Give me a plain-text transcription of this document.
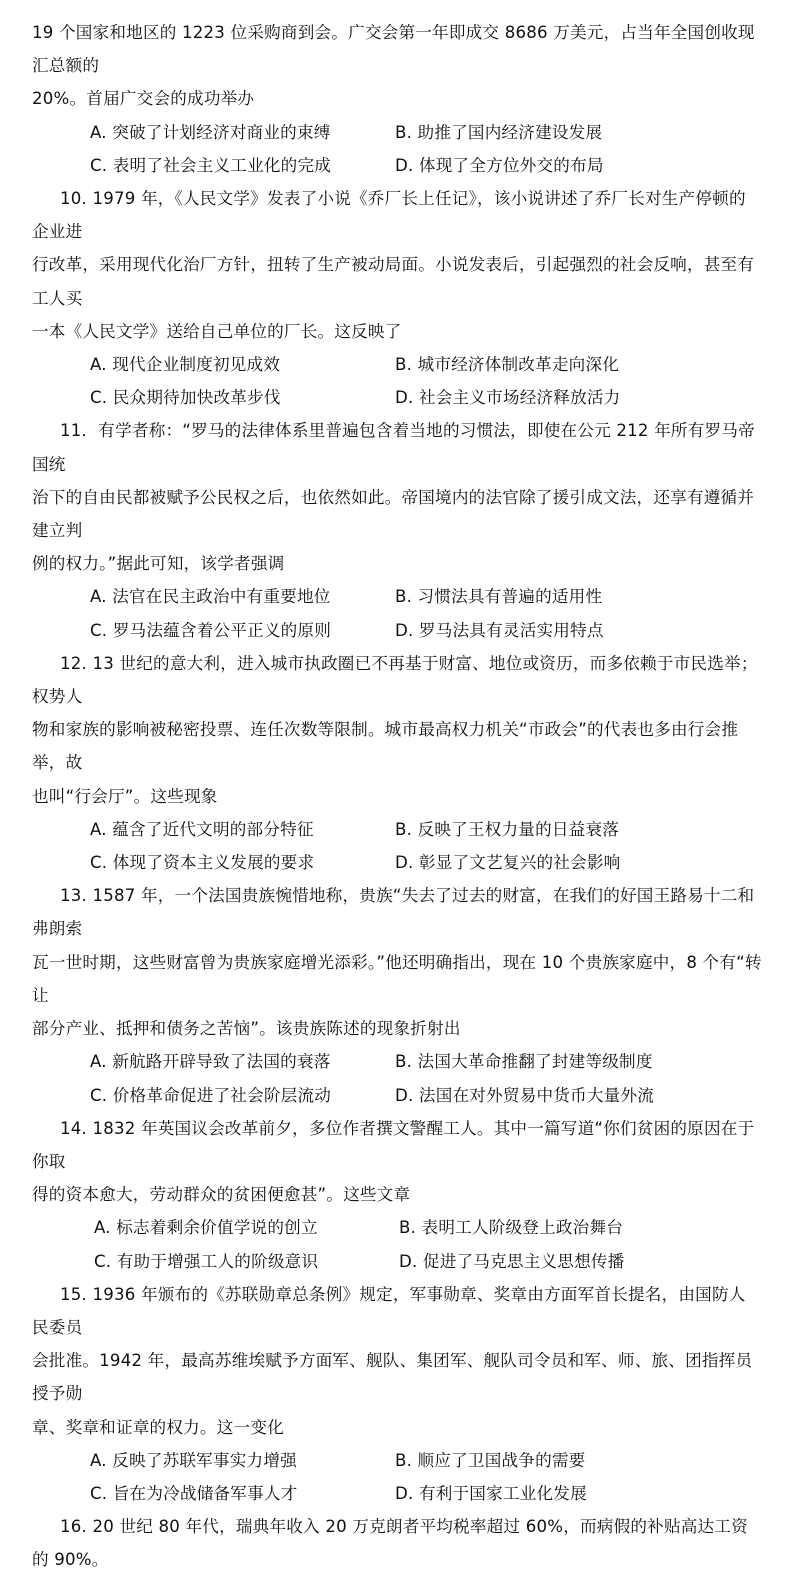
19 个国家和地区的 1223 位采购商到会。广交会第一年即成交 8686 万美元，占当年全国创收现汇总额的

20%。首届广交会的成功举办

A. 突破了计划经济对商业的束缚	B. 助推了国内经济建设发展

C. 表明了社会主义工业化的完成	D. 体现了全方位外交的布局

10. 1979 年，《人民文学》发表了小说《乔厂长上任记》，该小说讲述了乔厂长对生产停顿的企业进

行改革，采用现代化治厂方针，扭转了生产被动局面。小说发表后，引起强烈的社会反响，甚至有工人买

一本《人民文学》送给自己单位的厂长。这反映了

A. 现代企业制度初见成效	B. 城市经济体制改革走向深化

C. 民众期待加快改革步伐	D. 社会主义市场经济释放活力

11．有学者称：“罗马的法律体系里普遍包含着当地的习惯法，即使在公元 212 年所有罗马帝国统

治下的自由民都被赋予公民权之后，也依然如此。帝国境内的法官除了援引成文法，还享有遵循并建立判

例的权力。”据此可知，该学者强调

A. 法官在民主政治中有重要地位	B. 习惯法具有普遍的适用性

C. 罗马法蕴含着公平正义的原则	D. 罗马法具有灵活实用特点

12. 13 世纪的意大利，进入城市执政圈已不再基于财富、地位或资历，而多依赖于市民选举；权势人

物和家族的影响被秘密投票、连任次数等限制。城市最高权力机关“市政会”的代表也多由行会推举，故

也叫“行会厅”。这些现象

A. 蕴含了近代文明的部分特征	B. 反映了王权力量的日益衰落

C. 体现了资本主义发展的要求	D. 彰显了文艺复兴的社会影响

13. 1587 年，一个法国贵族惋惜地称，贵族“失去了过去的财富，在我们的好国王路易十二和弗朗索

瓦一世时期，这些财富曾为贵族家庭增光添彩。”他还明确指出，现在 10 个贵族家庭中，8 个有“转让

部分产业、抵押和债务之苦恼”。该贵族陈述的现象折射出

A. 新航路开辟导致了法国的衰落	B. 法国大革命推翻了封建等级制度

C. 价格革命促进了社会阶层流动	D. 法国在对外贸易中货币大量外流

14. 1832 年英国议会改革前夕，多位作者撰文警醒工人。其中一篇写道“你们贫困的原因在于你取

得的资本愈大，劳动群众的贫困便愈甚”。这些文章

A. 标志着剩余价值学说的创立	B. 表明工人阶级登上政治舞台

C. 有助于增强工人的阶级意识	D. 促进了马克思主义思想传播

15. 1936 年颁布的《苏联勋章总条例》规定，军事勋章、奖章由方面军首长提名，由国防人民委员

会批准。1942 年，最高苏维埃赋予方面军、舰队、集团军、舰队司令员和军、师、旅、团指挥员授予勋

章、奖章和证章的权力。这一变化

A. 反映了苏联军事实力增强	B. 顺应了卫国战争的需要

C. 旨在为冷战储备军事人才	D. 有利于国家工业化发展

16. 20 世纪 80 年代，瑞典年收入 20 万克朗者平均税率超过 60%，而病假的补贴高达工资的 90%。
